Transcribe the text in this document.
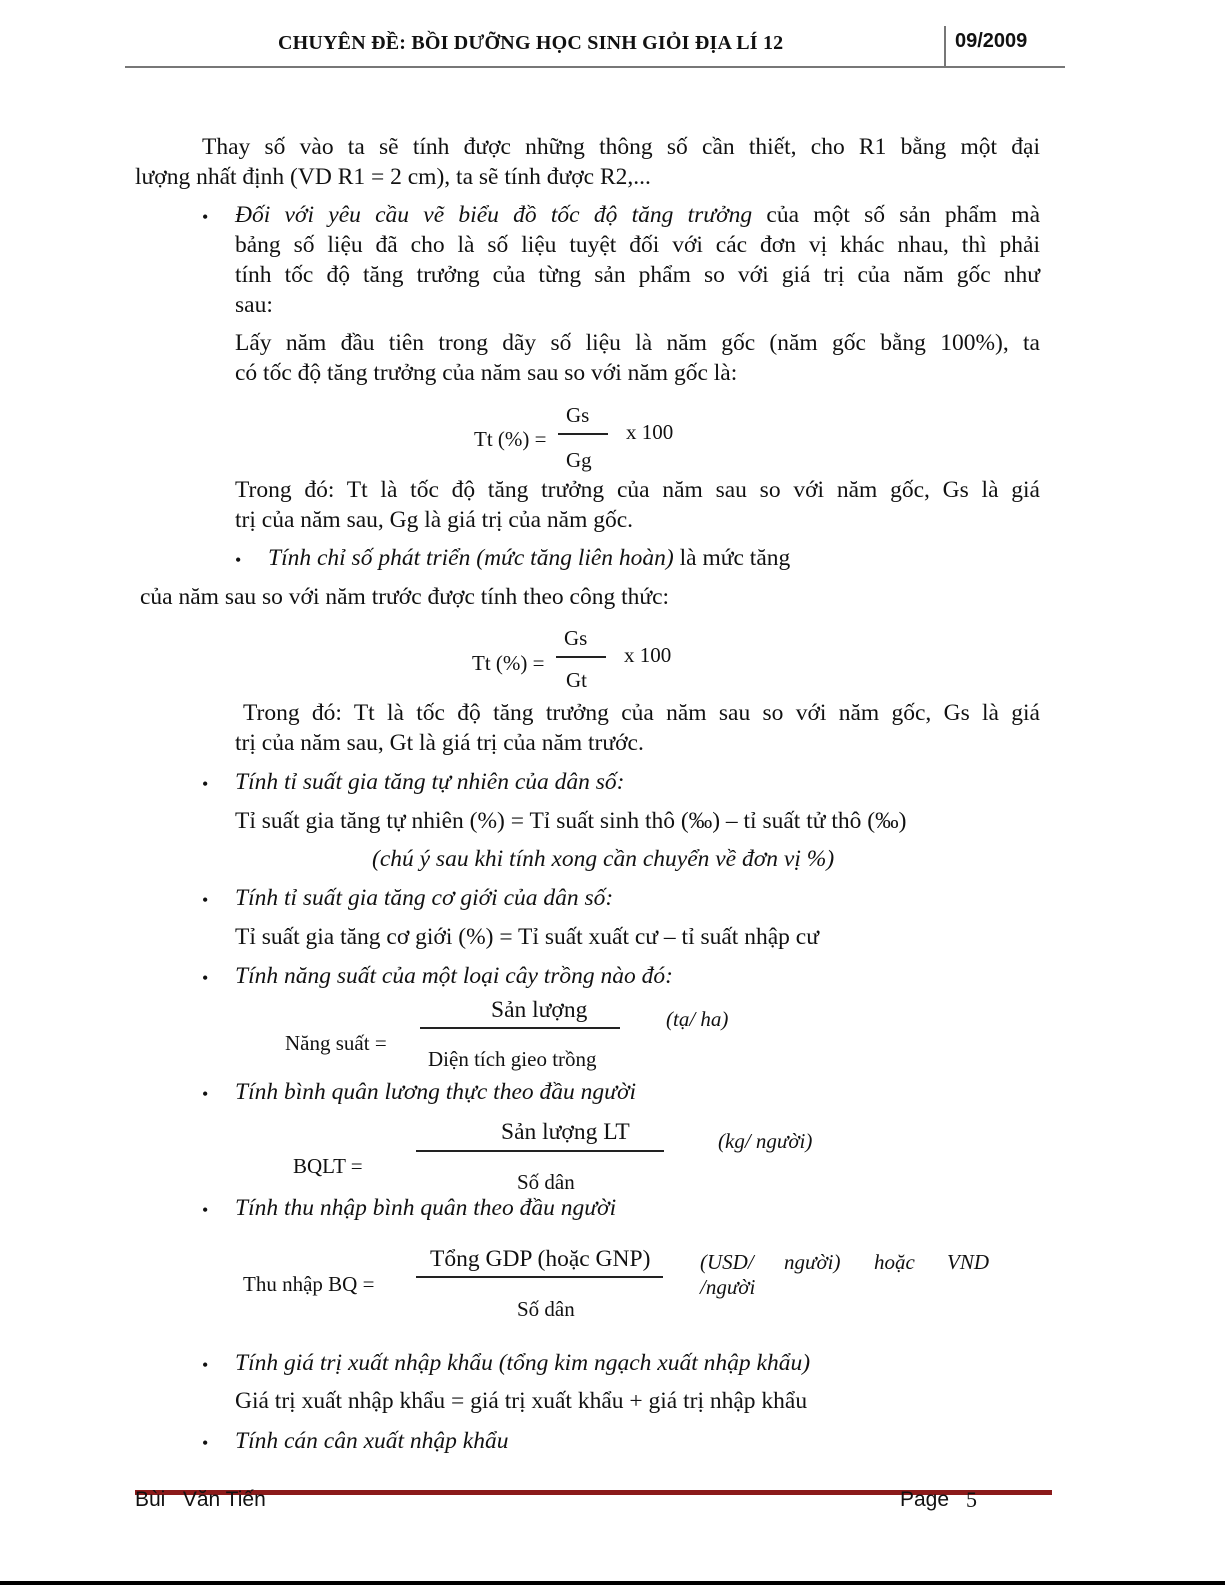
CHUYÊN ĐỀ: BỒI DƯỠNG HỌC SINH GIỎI ĐỊA LÍ 12	09/2009
Thay số vào ta sẽ tính được những thông số cần thiết, cho R1 bằng một đại
lượng nhất định (VD R1 = 2 cm), ta sẽ tính được R2,...
• Đối với yêu cầu vẽ biểu đồ tốc độ tăng trưởng của một số sản phẩm mà
bảng số liệu đã cho là số liệu tuyệt đối với các đơn vị khác nhau, thì phải
tính tốc độ tăng trưởng của từng sản phẩm so với giá trị của năm gốc như
sau:
Lấy năm đầu tiên trong dãy số liệu là năm gốc (năm gốc bằng 100%), ta
có tốc độ tăng trưởng của năm sau so với năm gốc là:
Tt (%) =
Gs
Gg
x 100
Trong đó: Tt là tốc độ tăng trưởng của năm sau so với năm gốc, Gs là giá
trị của năm sau, Gg là giá trị của năm gốc.
• Tính chỉ số phát triển (mức tăng liên hoàn) là mức tăng
của năm sau so với năm trước được tính theo công thức:
Tt (%) =
Gs
Gt
x 100
Trong đó: Tt là tốc độ tăng trưởng của năm sau so với năm gốc, Gs là giá
trị của năm sau, Gt là giá trị của năm trước.
• Tính tỉ suất gia tăng tự nhiên của dân số:
Tỉ suất gia tăng tự nhiên (%) = Tỉ suất sinh thô (‰) – tỉ suất tử thô (‰)
(chú ý sau khi tính xong cần chuyển về đơn vị %)
• Tính tỉ suất gia tăng cơ giới của dân số:
Tỉ suất gia tăng cơ giới (%) = Tỉ suất xuất cư – tỉ suất nhập cư
• Tính năng suất của một loại cây trồng nào đó:
Năng suất =
Sản lượng
Diện tích gieo trồng
(tạ/ ha)
• Tính bình quân lương thực theo đầu người
BQLT =
Sản lượng LT
Số dân
(kg/ người)
• Tính thu nhập bình quân theo đầu người
Thu nhập BQ =
Tổng GDP (hoặc GNP)
Số dân
(USD/ người) hoặc VND
/người
• Tính giá trị xuất nhập khẩu (tổng kim ngạch xuất nhập khẩu)
Giá trị xuất nhập khẩu = giá trị xuất khẩu + giá trị nhập khẩu
• Tính cán cân xuất nhập khẩu
Bùi   Văn Tiến	Page 5
